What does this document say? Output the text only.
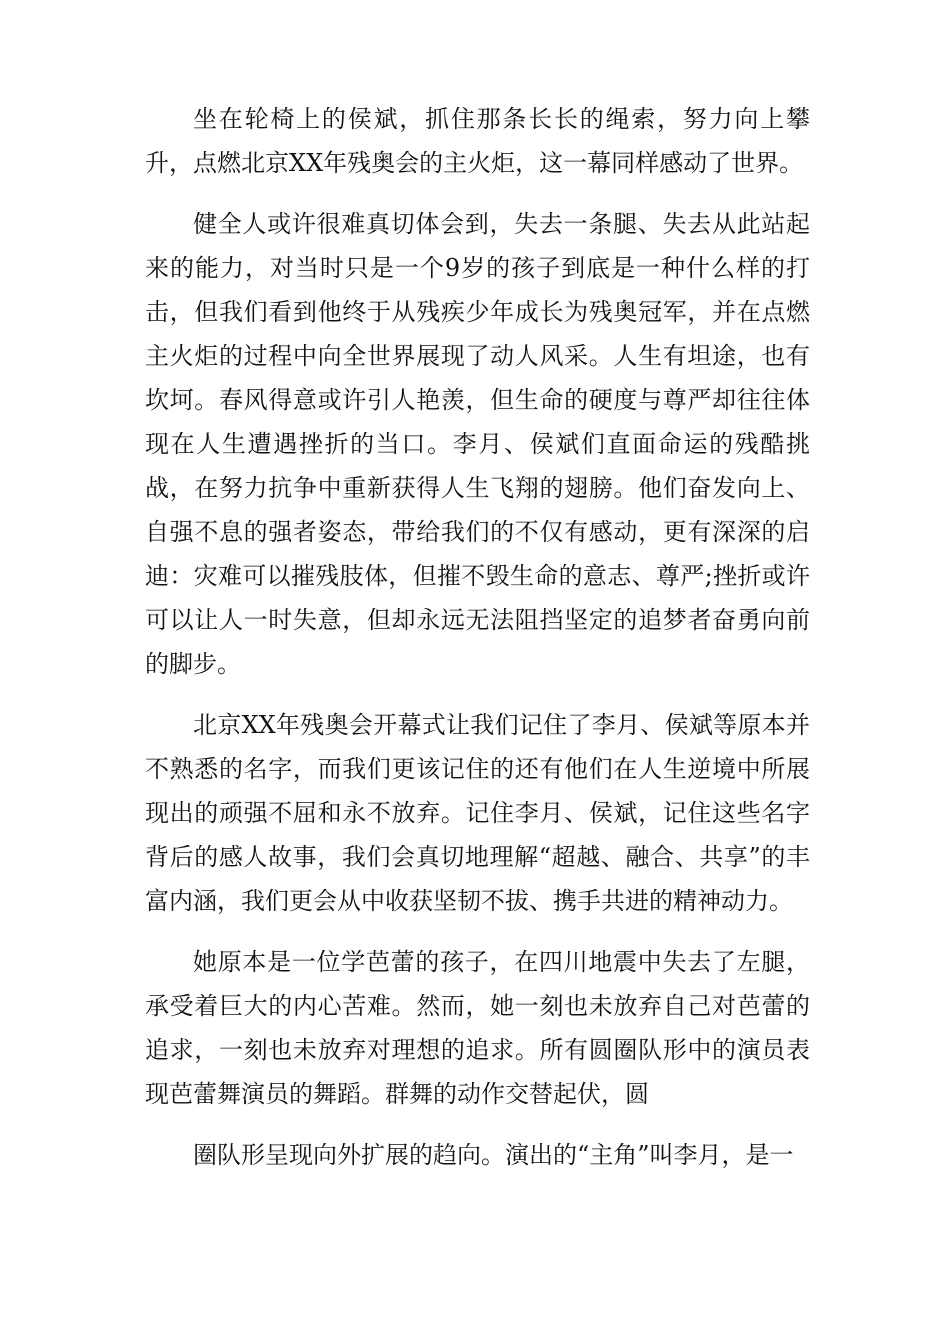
坐在轮椅上的侯斌，抓住那条长长的绳索，努力向上攀升，点燃北京XX年残奥会的主火炬，这一幕同样感动了世界。

健全人或许很难真切体会到，失去一条腿、失去从此站起来的能力，对当时只是一个9岁的孩子到底是一种什么样的打击，但我们看到他终于从残疾少年成长为残奥冠军，并在点燃主火炬的过程中向全世界展现了动人风采。人生有坦途，也有坎坷。春风得意或许引人艳羡，但生命的硬度与尊严却往往体现在人生遭遇挫折的当口。李月、侯斌们直面命运的残酷挑战，在努力抗争中重新获得人生飞翔的翅膀。他们奋发向上、自强不息的强者姿态，带给我们的不仅有感动，更有深深的启迪：灾难可以摧残肢体，但摧不毁生命的意志、尊严;挫折或许可以让人一时失意，但却永远无法阻挡坚定的追梦者奋勇向前的脚步。

北京XX年残奥会开幕式让我们记住了李月、侯斌等原本并不熟悉的名字，而我们更该记住的还有他们在人生逆境中所展现出的顽强不屈和永不放弃。记住李月、侯斌，记住这些名字背后的感人故事，我们会真切地理解“超越、融合、共享”的丰富内涵，我们更会从中收获坚韧不拔、携手共进的精神动力。

她原本是一位学芭蕾的孩子，在四川地震中失去了左腿，承受着巨大的内心苦难。然而，她一刻也未放弃自己对芭蕾的追求，一刻也未放弃对理想的追求。所有圆圈队形中的演员表现芭蕾舞演员的舞蹈。群舞的动作交替起伏，圆

圈队形呈现向外扩展的趋向。演出的“主角”叫李月，是一
